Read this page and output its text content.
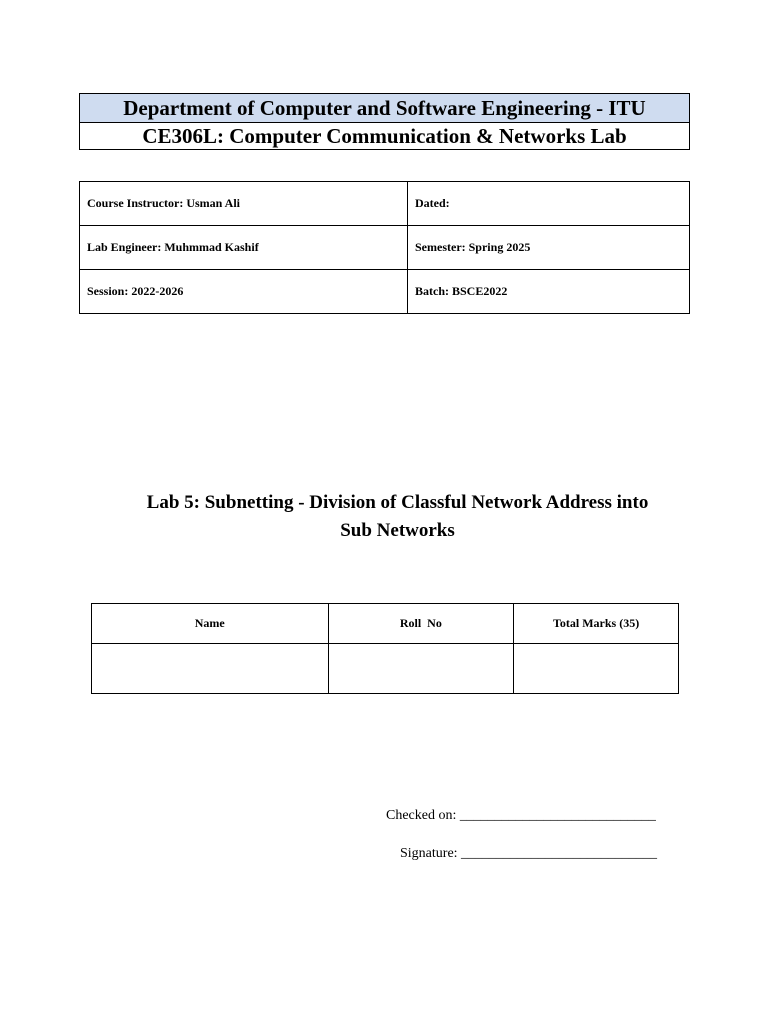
Department of Computer and Software Engineering - ITU
CE306L: Computer Communication & Networks Lab
Course Instructor: Usman Ali	Dated:
Lab Engineer: Muhmmad Kashif	Semester: Spring 2025
Session: 2022-2026	Batch: BSCE2022
Lab 5: Subnetting - Division of Classful Network Address into
Sub Networks
Name	Roll  No	Total Marks (35)

Checked on: ____________________________
Signature: ____________________________
